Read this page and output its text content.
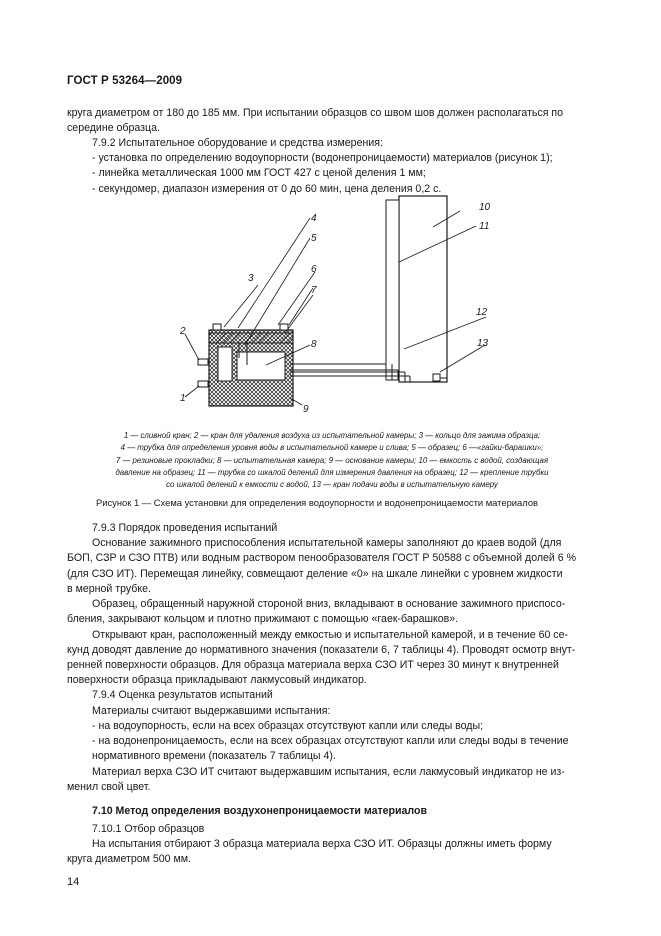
ГОСТ Р 53264—2009

круга диаметром от 180 до 185 мм. При испытании образцов со швом шов должен располагаться по

середине образца.

7.9.2 Испытательное оборудование и средства измерения:

- установка по определению водоупорности (водонепроницаемости) материалов (рисунок 1);

- линейка металлическая 1000 мм ГОСТ 427 с ценой деления 1 мм;

- секундомер, диапазон измерения от 0 до 60 мин, цена деления 0,2 с.

1
2
3
4
5
6
7
8
9
10
11
12
13
1 — сливной кран; 2 — кран для удаления воздуха из испытательной камеры; 3 — кольцо для зажима образца;
4 — трубка для определения уровня воды в испытательной камере и слива; 5 — образец; 6 —«гайки-барашки»;
7 — резиновые прокладки; 8 — испытательная камера; 9 — основание камеры; 10 — емкость с водой, создающая
давление на образец; 11 — трубка со шкалой делений для измерения давления на образец; 12 — крепление трубки
со шкалой делений к емкости с водой, 13 — кран подачи воды в испытательную камеру
Рисунок 1 — Схема установки для определения водоупорности и водонепроницаемости материалов

7.9.3 Порядок проведения испытаний

Основание зажимного приспособления испытательной камеры заполняют до краев водой (для

БОП, СЗР и СЗО ПТВ) или водным раствором пенообразователя ГОСТ Р 50588 с объемной долей 6 %

(для СЗО ИТ). Перемещая линейку, совмещают деление «0» на шкале линейки с уровнем жидкости

в мерной трубке.

Образец, обращенный наружной стороной вниз, вкладывают в основание зажимного приспосо-

бления, закрывают кольцом и плотно прижимают с помощью «гаек-барашков».

Открывают кран, расположенный между емкостью и испытательной камерой, и в течение 60 се-

кунд доводят давление до нормативного значения (показатели 6, 7 таблицы 4). Проводят осмотр внут-

ренней поверхности образцов. Для образца материала верха СЗО ИТ через 30 минут к внутренней

поверхности образца прикладывают лакмусовый индикатор.

7.9.4 Оценка результатов испытаний

Материалы считают выдержавшими испытания:

- на водоупорность, если на всех образцах отсутствуют капли или следы воды;

- на водонепроницаемость, если на всех образцах отсутствуют капли или следы воды в течение

нормативного времени (показатель 7 таблицы 4).

Материал верха СЗО ИТ считают выдержавшим испытания, если лакмусовый индикатор не из-

менил свой цвет.

7.10 Метод определения воздухонепроницаемости материалов

7.10.1 Отбор образцов

На испытания отбирают 3 образца материала верха СЗО ИТ. Образцы должны иметь форму

круга диаметром 500 мм.

14
